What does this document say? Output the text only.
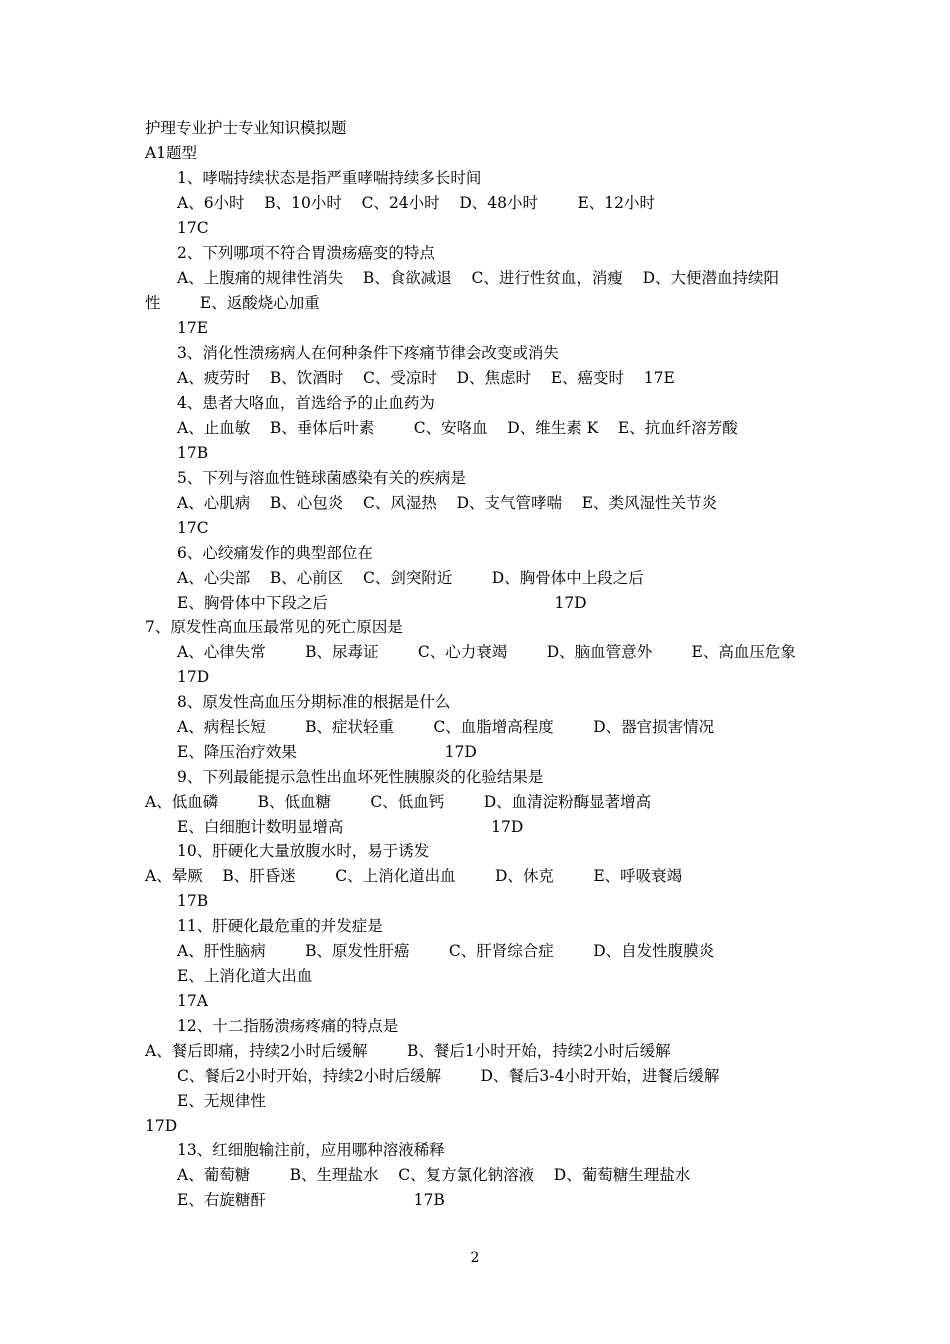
护理专业护士专业知识模拟题
A1题型
1、哮喘持续状态是指严重哮喘持续多长时间
A、6小时    B、10小时    C、24小时    D、48小时        E、12小时
17C
2、下列哪项不符合胃溃疡癌变的特点
A、上腹痛的规律性消失    B、食欲减退    C、进行性贫血，消瘦    D、大便潜血持续阳
性        E、返酸烧心加重
17E
3、消化性溃疡病人在何种条件下疼痛节律会改变或消失
A、疲劳时    B、饮酒时    C、受凉时    D、焦虑时    E、癌变时    17E
4、患者大咯血，首选给予的止血药为
A、止血敏    B、垂体后叶素        C、安咯血    D、维生素 K    E、抗血纤溶芳酸
17B
5、下列与溶血性链球菌感染有关的疾病是
A、心肌病    B、心包炎    C、风湿热    D、支气管哮喘    E、类风湿性关节炎
17C
6、心绞痛发作的典型部位在
A、心尖部    B、心前区    C、剑突附近        D、胸骨体中上段之后
E、胸骨体中下段之后                                              17D
7、原发性高血压最常见的死亡原因是
A、心律失常        B、尿毒证        C、心力衰竭        D、脑血管意外        E、高血压危象
17D
8、原发性高血压分期标准的根据是什么
A、病程长短        B、症状轻重        C、血脂增高程度        D、器官损害情况
E、降压治疗效果                              17D
9、下列最能提示急性出血坏死性胰腺炎的化验结果是
A、低血磷        B、低血糖        C、低血钙        D、血清淀粉酶显著增高
E、白细胞计数明显增高                              17D
10、肝硬化大量放腹水时，易于诱发
A、晕厥    B、肝昏迷        C、上消化道出血        D、休克        E、呼吸衰竭
17B
11、肝硬化最危重的并发症是
A、肝性脑病        B、原发性肝癌        C、肝肾综合症        D、自发性腹膜炎
E、上消化道大出血
17A
12、十二指肠溃疡疼痛的特点是
A、餐后即痛，持续2小时后缓解        B、餐后1小时开始，持续2小时后缓解
C、餐后2小时开始，持续2小时后缓解        D、餐后3-4小时开始，进餐后缓解
E、无规律性
17D
13、红细胞输注前，应用哪种溶液稀释
A、葡萄糖        B、生理盐水    C、复方氯化钠溶液    D、葡萄糖生理盐水
E、右旋糖酐                              17B
2
